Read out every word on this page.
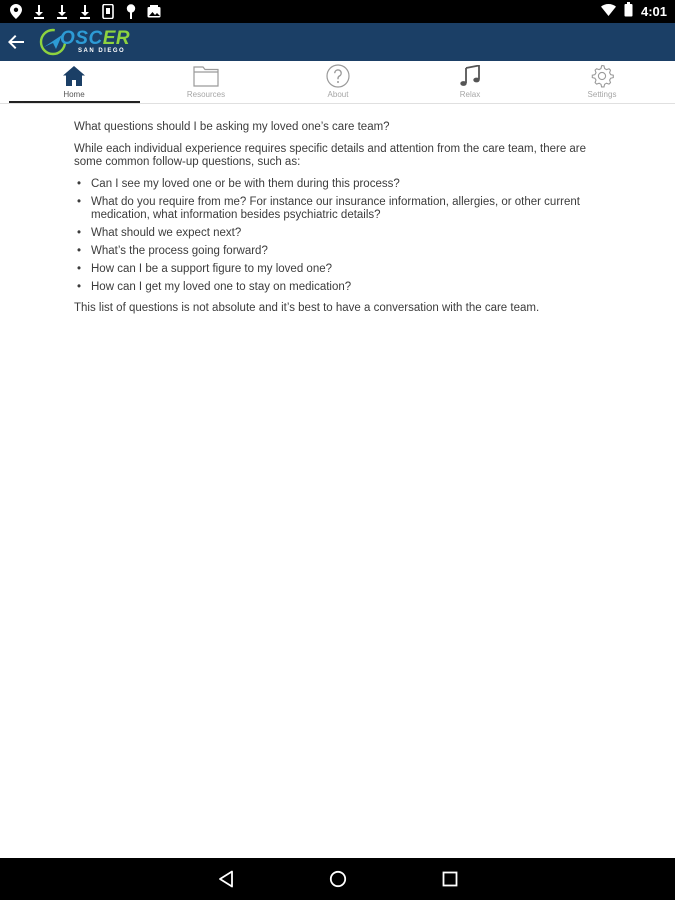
4:01
OSCER
SAN DIEGO
Home	Resources	About	Relax	Settings

What questions should I be asking my loved one’s care team?

While each individual experience requires specific details and attention from the care team, there are some common follow-up questions, such as:

• Can I see my loved one or be with them during this process?
• What do you require from me? For instance our insurance information, allergies, or other current medication, what information besides psychiatric details?
• What should we expect next?
• What’s the process going forward?
• How can I be a support figure to my loved one?
• How can I get my loved one to stay on medication?

This list of questions is not absolute and it’s best to have a conversation with the care team.
